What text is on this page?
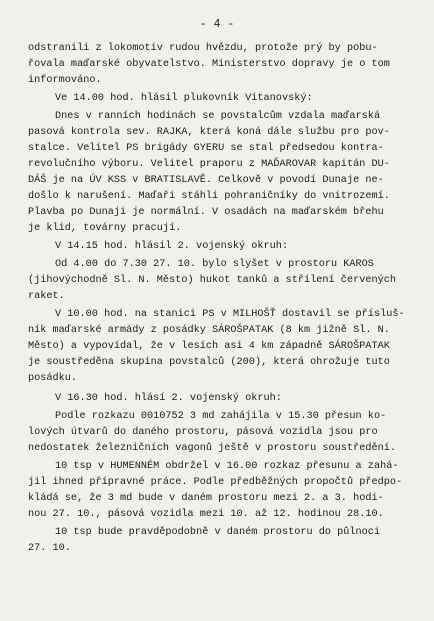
- 4 -
odstranili z lokomotiv rudou hvězdu, protože prý by pobu-
řovala maďarské obyvatelstvo. Ministerstvo dopravy je o tom
informováno.
Ve 14.00 hod. hlásil plukovník Vitanovský:
Dnes v ranních hodinách se povstalcům vzdala maďarská
pasová kontrola sev. RAJKA, která koná dále službu pro pov-
stalce. Velitel PS brigády GYERU se stal předsedou kontra-
revolučního výboru. Velitel praporu z MAĎAROVAR kapitán DU-
DÁŠ je na ÚV KSS v BRATISLAVĚ. Celkově v povodí Dunaje ne-
došlo k narušení. Maďaři stáhli pohraničníky do vnitrozemí.
Plavba po Dunaji je normální. V osadách na maďarském břehu
je klid, továrny pracují.
V 14.15 hod. hlásil 2. vojenský okruh:
Od 4.00 do 7.30 27. 10. bylo slyšet v prostoru KAROS
(jihovýchodně Sl. N. Město) hukot tanků a střílení červených
raket.
V 10.00 hod. na stanici PS v MILHOŠŤ dostavil se přísluš-
ník maďarské armády z posádky SÁROŠPATAK (8 km jižně Sl. N.
Město) a vypovídal, že v lesích asi 4 km západně SÁROŠPATAK
je soustředěna skupina povstalců (200), která ohrožuje tuto
posádku.
V 16.30 hod. hlásí 2. vojenský okruh:
Podle rozkazu 0010752 3 md zahájila v 15.30 přesun ko-
lových útvarů do daného prostoru, pásová vozidla jsou pro
nedostatek železničních vagonů ještě v prostoru soustředění.
10 tsp v HUMENNÉM obdržel v 16.00 rozkaz přesunu a zahá-
jil ihned přípravné práce. Podle předběžných propočtů předpo-
kládá se, že 3 md bude v daném prostoru mezi 2. a 3. hodi-
nou 27. 10., pásová vozidla mezi 10. až 12. hodinou 28.10.
10 tsp bude pravděpodobně v daném prostoru do půlnoci
27. 10.
